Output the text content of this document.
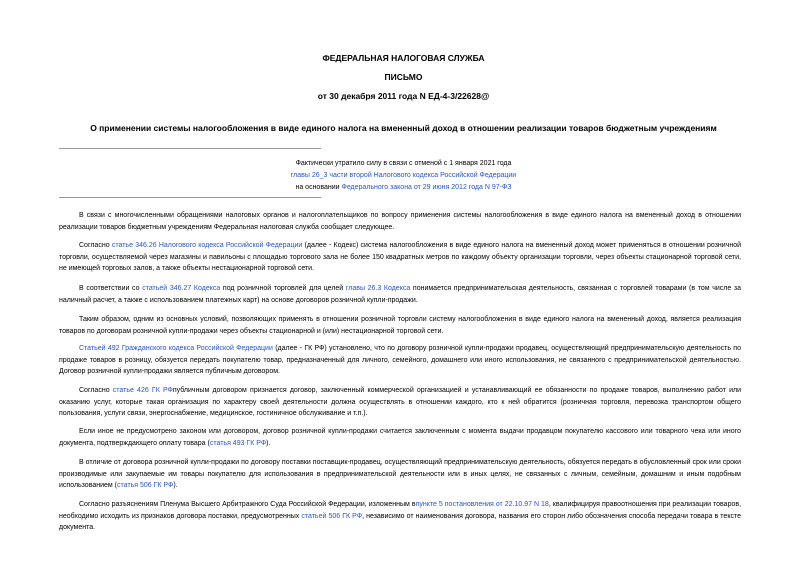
ФЕДЕРАЛЬНАЯ НАЛОГОВАЯ СЛУЖБА
ПИСЬМО
от 30 декабря 2011 года N ЕД-4-3/22628@
О применении системы налогообложения в виде единого налога на вмененный доход в отношении реализации товаров бюджетным учреждениям
Фактически утратило силу в связи с отменой с 1 января 2021 года
главы 26_3 части второй Налогового кодекса Российской Федерации
на основании Федерального закона от 29 июня 2012 года N 97-ФЗ
В связи с многочисленными обращениями налоговых органов и налогоплательщиков по вопросу применения системы налогообложения в виде единого налога на вмененный доход в отношении реализации товаров бюджетным учреждениям Федеральная налоговая служба сообщает следующее.
Согласно статье 346.26 Налогового кодекса Российской Федерации (далее - Кодекс) система налогообложения в виде единого налога на вмененный доход может применяться в отношении розничной торговли, осуществляемой через магазины и павильоны с площадью торгового зала не более 150 квадратных метров по каждому объекту организации торговли, через объекты стационарной торговой сети, не имеющей торговых залов, а также объекты нестационарной торговой сети.
В соответствии со статьей 346.27 Кодекса под розничной торговлей для целей главы 26.3 Кодекса понимается предпринимательская деятельность, связанная с торговлей товарами (в том числе за наличный расчет, а также с использованием платежных карт) на основе договоров розничной купли-продажи.
Таким образом, одним из основных условий, позволяющих применять в отношении розничной торговли систему налогообложения в виде единого налога на вмененный доход, является реализация товаров по договорам розничной купли-продажи через объекты стационарной и (или) нестационарной торговой сети.
Статьей 492 Гражданского кодекса Российской Федерации (далее - ГК РФ) установлено, что по договору розничной купли-продажи продавец, осуществляющий предпринимательскую деятельность по продаже товаров в розницу, обязуется передать покупателю товар, предназначенный для личного, семейного, домашнего или иного использования, не связанного с предпринимательской деятельностью. Договор розничной купли-продажи является публичным договором.
Согласно статье 426 ГК РФпубличным договором признается договор, заключенный коммерческой организацией и устанавливающий ее обязанности по продаже товаров, выполнению работ или оказанию услуг, которые такая организация по характеру своей деятельности должна осуществлять в отношении каждого, кто к ней обратится (розничная торговля, перевозка транспортом общего пользования, услуги связи, энергоснабжение, медицинское, гостиничное обслуживание и т.п.).
Если иное не предусмотрено законом или договором, договор розничной купли-продажи считается заключенным с момента выдачи продавцом покупателю кассового или товарного чека или иного документа, подтверждающего оплату товара (статья 493 ГК РФ).
В отличие от договора розничной купли-продажи по договору поставки поставщик-продавец, осуществляющий предпринимательскую деятельность, обязуется передать в обусловленный срок или сроки производимые или закупаемые им товары покупателю для использования в предпринимательской деятельности или в иных целях, не связанных с личным, семейным, домашним и иным подобным использованием (статья 506 ГК РФ).
Согласно разъяснениям Пленума Высшего Арбитражного Суда Российской Федерации, изложенным впункте 5 постановления от 22.10.97 N 18, квалифицируя правоотношения при реализации товаров, необходимо исходить из признаков договора поставки, предусмотренных статьей 506 ГК РФ, независимо от наименования договора, названия его сторон либо обозначения способа передачи товара в тексте документа.
